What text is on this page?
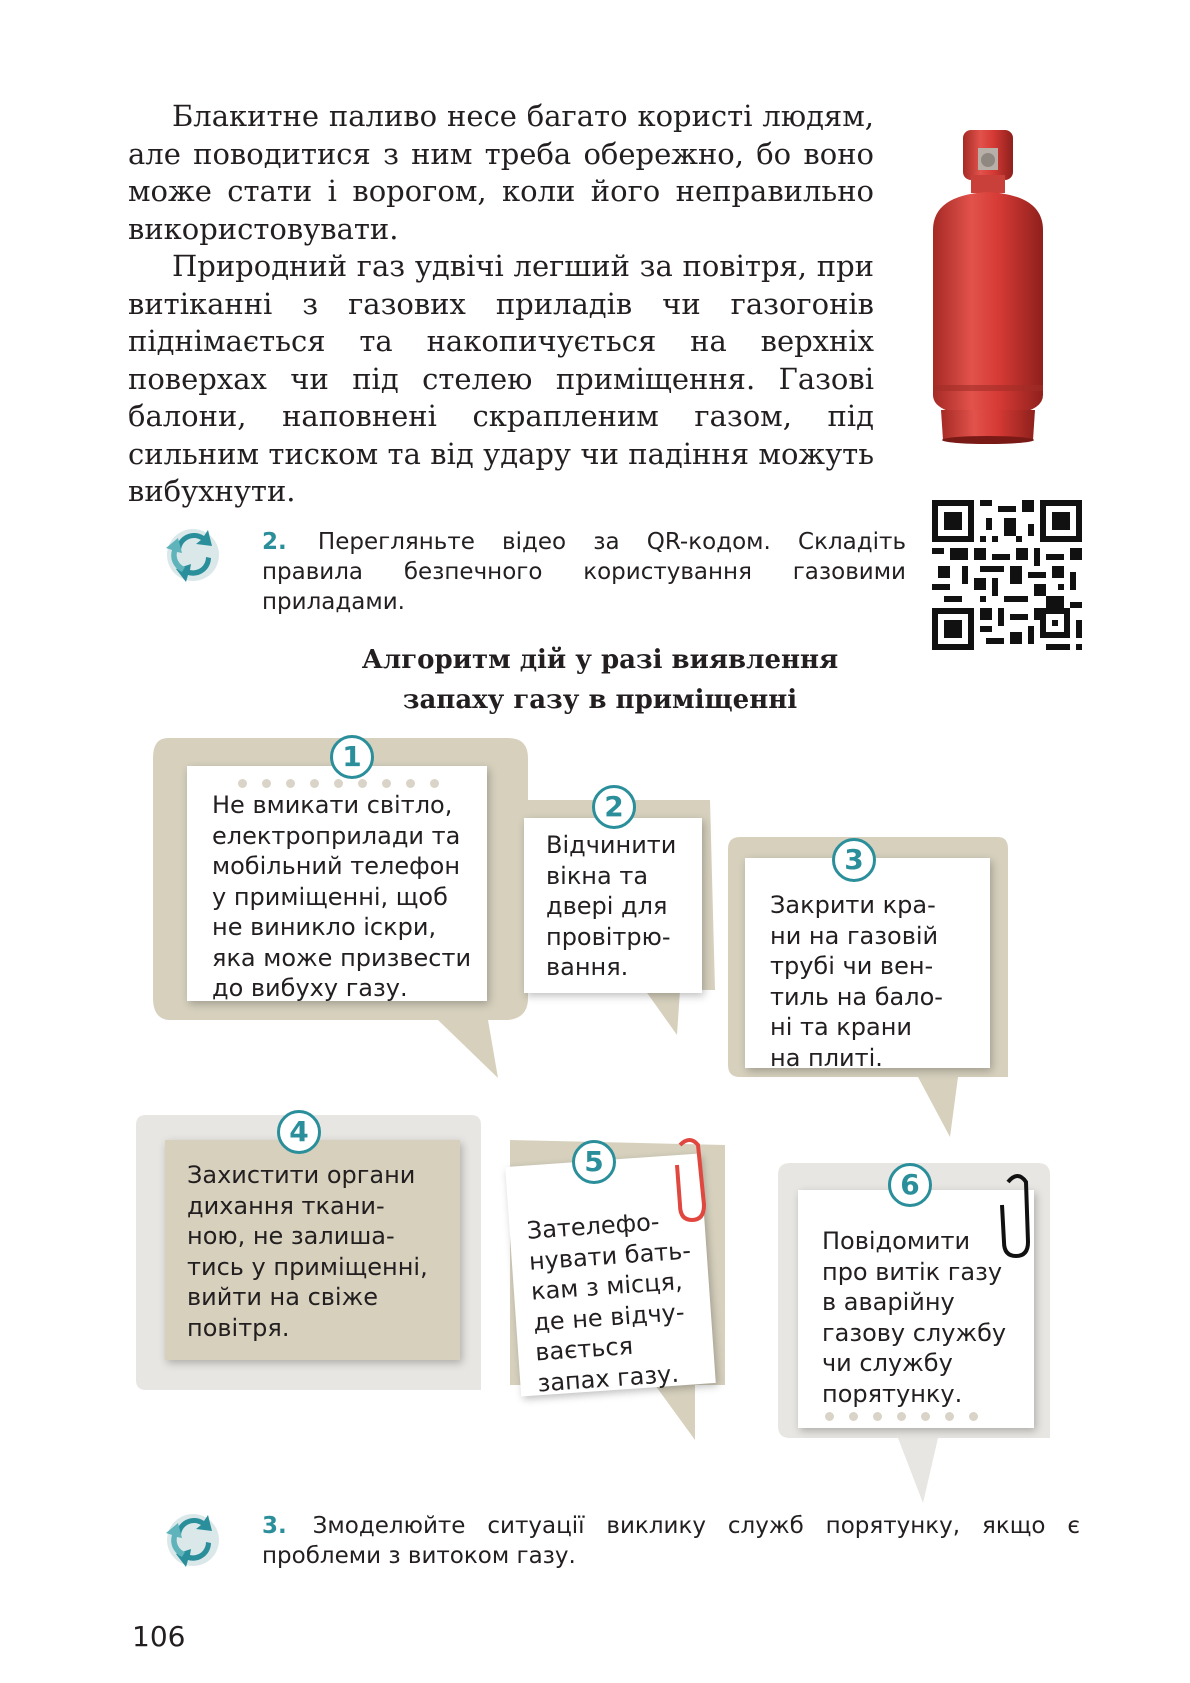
Блакитне паливо несе багато користі людям, але поводитися з ним треба обережно, бо воно може стати і ворогом, коли його неправильно використовувати.

Природний газ удвічі легший за повітря, при витіканні з газових приладів чи газогонів піднімається та накопичується на верхніх поверхах чи під стелею приміщення. Газові балони, наповнені скрапленим газом, під сильним тиском та від удару чи падіння можуть вибухнути.

2. Перегляньте відео за QR-кодом. Складіть правила безпечного користування газовими приладами.
Алгоритм дій у разі виявлення
запаху газу в приміщенні
1

Не вмикати світло,
електроприлади та
мобільний телефон
у приміщенні, щоб
не виникло іскри,
яка може призвести
до вибуху газу.

2

Відчинити
вікна та
двері для
провітрю-
вання.

3

Закрити кра-
ни на газовій
трубі чи вен-
тиль на бало-
ні та крани
на плиті.

4

Захистити органи
дихання ткани-
ною, не залиша-
тись у приміщенні,
вийти на свіже
повітря.

5

Зателефо-
нувати бать-
кам з місця,
де не відчу-
вається
запах газу.

6

Повідомити
про витік газу
в аварійну
газову службу
чи службу
порятунку.

3. Змоделюйте ситуації виклику служб порятунку, якщо є проблеми з витоком газу.
106
